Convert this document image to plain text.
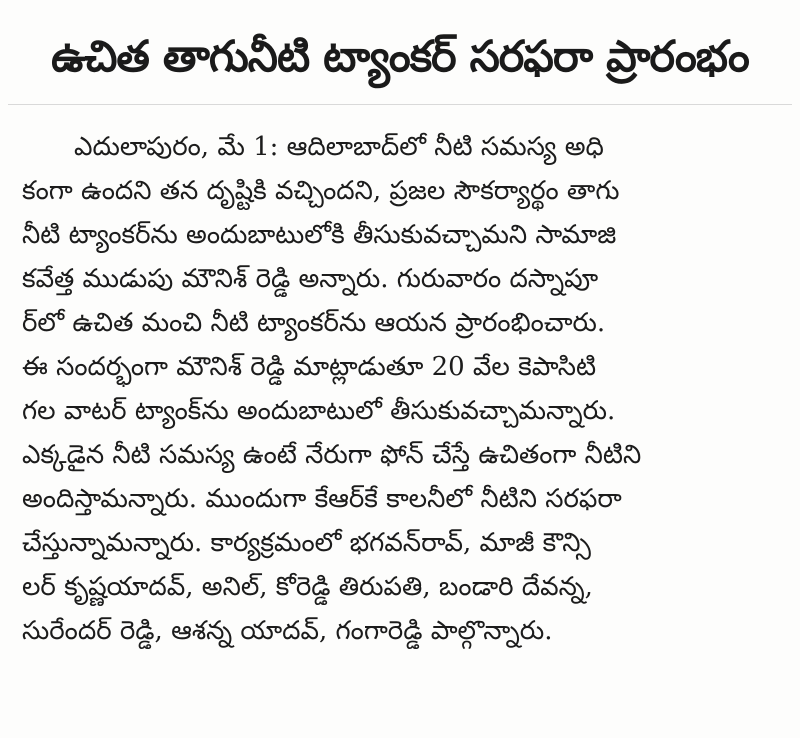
ఉచిత తాగునీటి ట్యాంకర్ సరఫరా ప్రారంభం
ఎదులాపురం, మే 1: ఆదిలాబాద్‌లో నీటి సమస్య అధి
కంగా ఉందని తన దృష్టికి వచ్చిందని, ప్రజల సౌకర్యార్థం తాగు
నీటి ట్యాంకర్‌ను అందుబాటులోకి తీసుకువచ్చామని సామాజి
కవేత్త ముడుపు మౌనిశ్ రెడ్డి అన్నారు. గురువారం దస్నాపూ
ర్‌లో ఉచిత మంచి నీటి ట్యాంకర్‌ను ఆయన ప్రారంభించారు.
ఈ సందర్భంగా మౌనిశ్ రెడ్డి మాట్లాడుతూ 20 వేల కెపాసిటి
గల వాటర్ ట్యాంక్‌ను అందుబాటులో తీసుకువచ్చామన్నారు.
ఎక్కడైన నీటి సమస్య ఉంటే నేరుగా ఫోన్ చేస్తే ఉచితంగా నీటిని
అందిస్తామన్నారు. ముందుగా కేఆర్‌కే కాలనీలో నీటిని సరఫరా
చేస్తున్నామన్నారు. కార్యక్రమంలో భగవన్‌రావ్, మాజీ కౌన్సి
లర్ కృష్ణయాదవ్, అనిల్, కోరెడ్డి తిరుపతి, బండారి దేవన్న,
సురేందర్ రెడ్డి, ఆశన్న యాదవ్, గంగారెడ్డి పాల్గొన్నారు.
